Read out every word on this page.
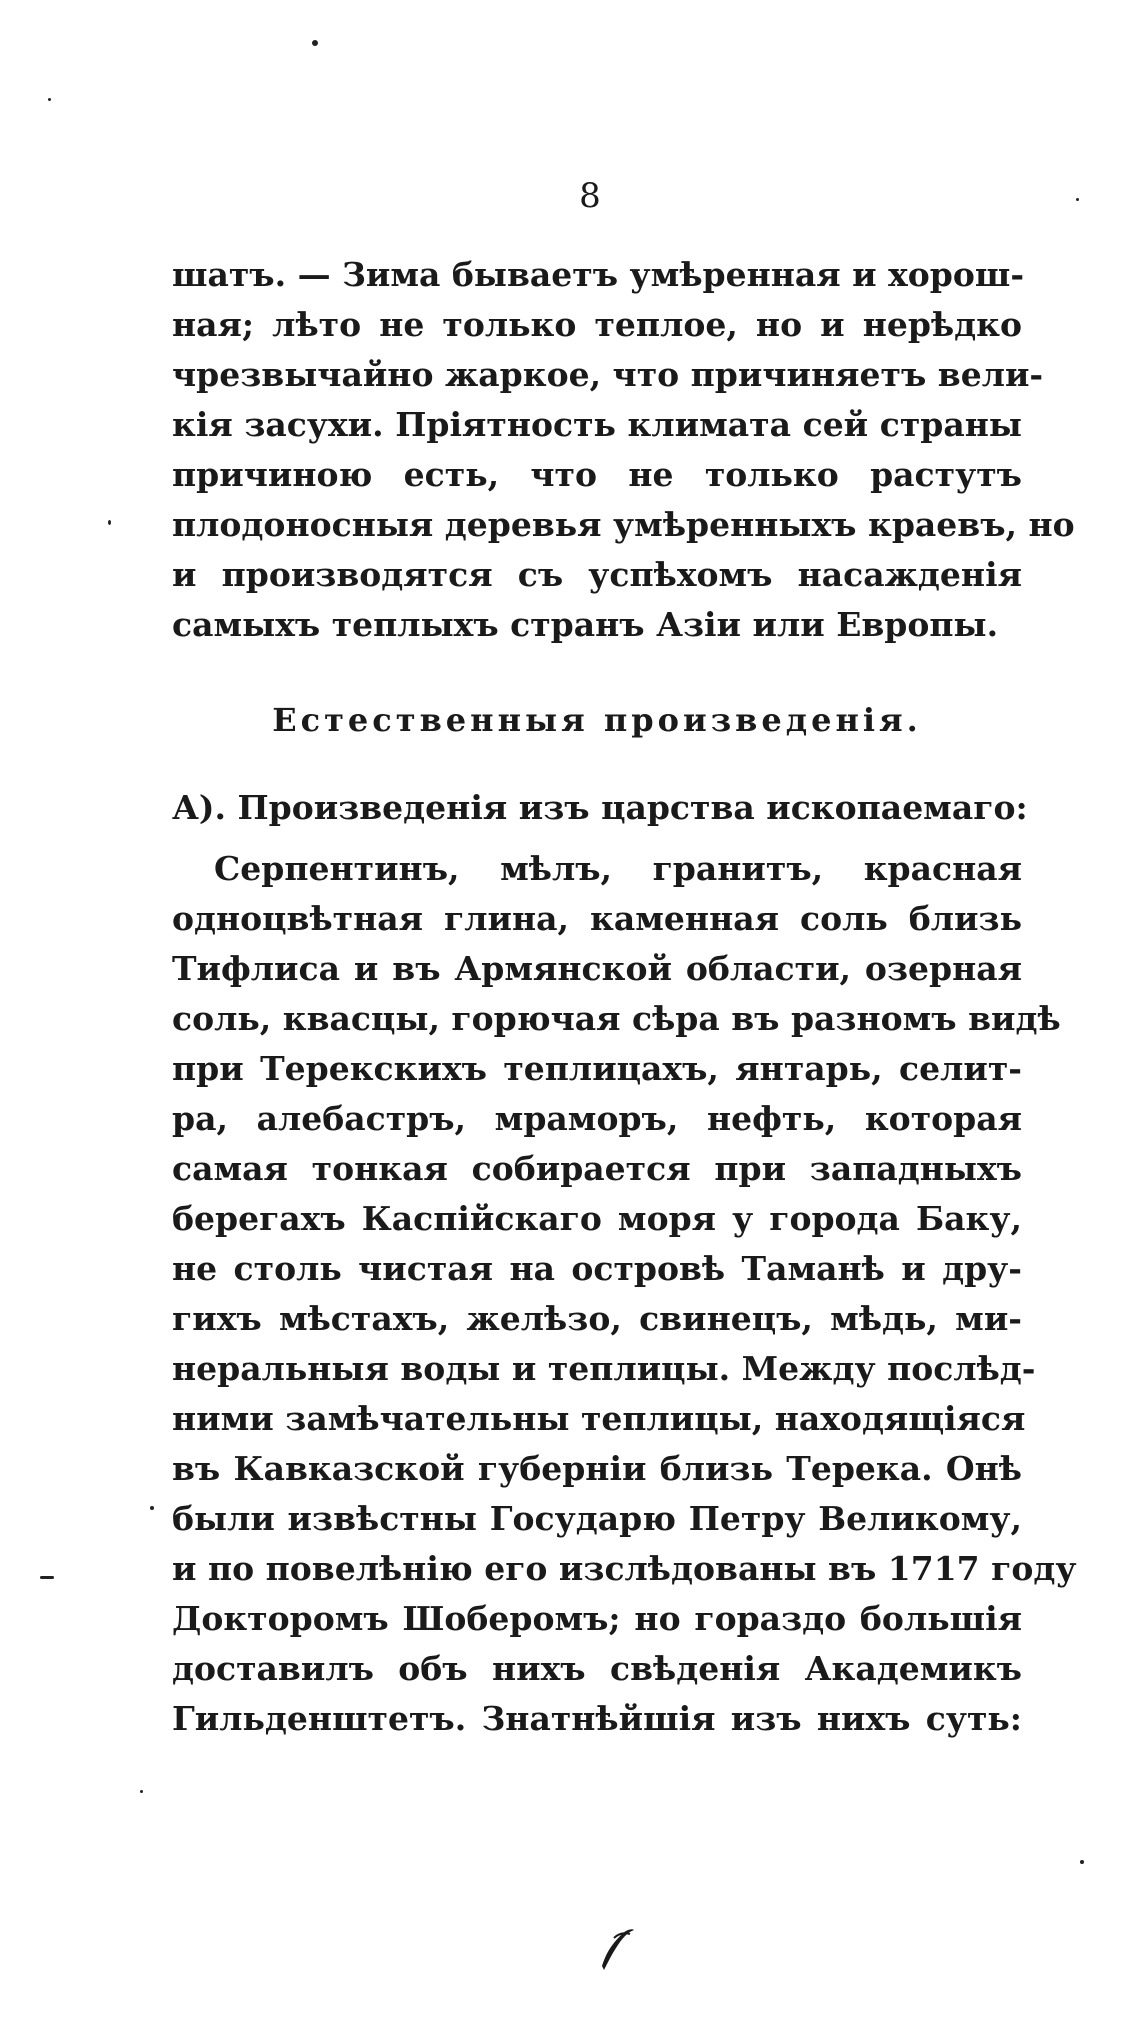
8
шатъ. — Зима бываетъ умѣренная и хорош-
ная; лѣто не только теплое, но и нерѣдко
чрезвычайно жаркое, что причиняетъ вели-
кія засухи. Пріятность климата сей страны
причиною есть, что не только растутъ
плодоносныя деревья умѣренныхъ краевъ, но
и производятся съ успѣхомъ насажденія
самыхъ теплыхъ странъ Азіи или Европы.
Естественныя произведенія.
А). Произведенія изъ царства ископаемаго:
Серпентинъ, мѣлъ, гранитъ, красная
одноцвѣтная глина, каменная соль близь
Тифлиса и въ Армянской области, озерная
соль, квасцы, горючая сѣра въ разномъ видѣ
при Терекскихъ теплицахъ, янтарь, селит-
ра, алебастръ, мраморъ, нефть, которая
самая тонкая собирается при западныхъ
берегахъ Каспійскаго моря у города Баку,
не столь чистая на островѣ Таманѣ и дру-
гихъ мѣстахъ, желѣзо, свинецъ, мѣдь, ми-
неральныя воды и теплицы. Между послѣд-
ними замѣчательны теплицы, находящіяся
въ Кавказской губерніи близь Терека. Онѣ
были извѣстны Государю Петру Великому,
и по повелѣнію его изслѣдованы въ 1717 году
Докторомъ Шоберомъ; но гораздо большія
доставилъ объ нихъ свѣденія Академикъ
Гильденштетъ. Знатнѣйшія изъ нихъ суть:
